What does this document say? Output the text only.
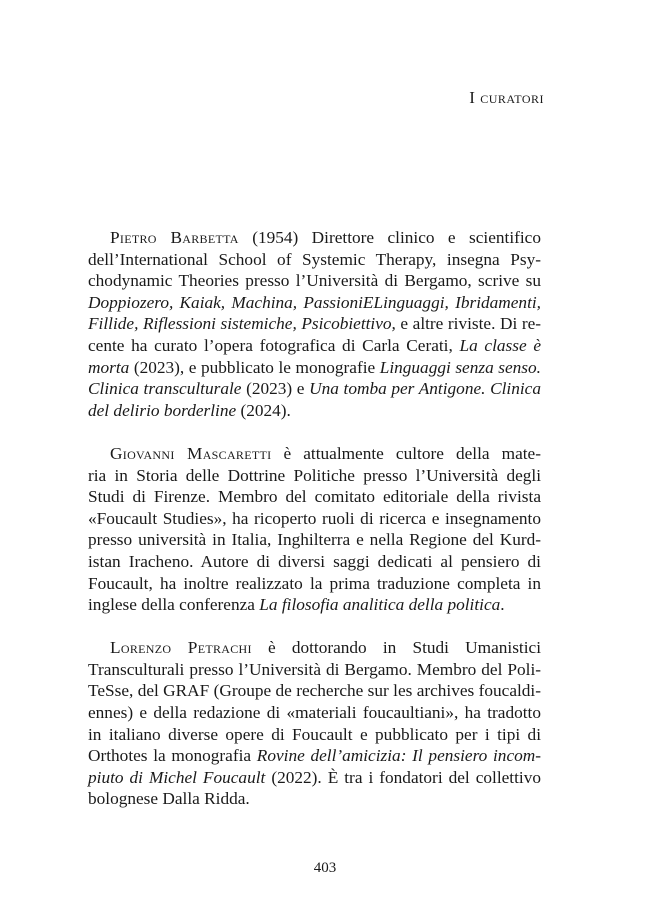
I curatori

Pietro Barbetta (1954) Direttore clinico e scientifico
dell’International School of Systemic Therapy, insegna Psy-
chodynamic Theories presso l’Università di Bergamo, scrive su
Doppiozero, Kaiak, Machina, PassioniELinguaggi, Ibridamenti,
Fillide, Riflessioni sistemiche, Psicobiettivo, e altre riviste. Di re-
cente ha curato l’opera fotografica di Carla Cerati, La classe è
morta (2023), e pubblicato le monografie Linguaggi senza senso.
Clinica transculturale (2023) e Una tomba per Antigone. Clinica
del delirio borderline (2024).

Giovanni Mascaretti è attualmente cultore della mate-
ria in Storia delle Dottrine Politiche presso l’Università degli
Studi di Firenze. Membro del comitato editoriale della rivista
«Foucault Studies», ha ricoperto ruoli di ricerca e insegnamento
presso università in Italia, Inghilterra e nella Regione del Kurd-
istan Iracheno. Autore di diversi saggi dedicati al pensiero di
Foucault, ha inoltre realizzato la prima traduzione completa in
inglese della conferenza La filosofia analitica della politica.

Lorenzo Petrachi è dottorando in Studi Umanistici
Transculturali presso l’Università di Bergamo. Membro del Poli-
TeSse, del GRAF (Groupe de recherche sur les archives foucaldi-
ennes) e della redazione di «materiali foucaultiani», ha tradotto
in italiano diverse opere di Foucault e pubblicato per i tipi di
Orthotes la monografia Rovine dell’amicizia: Il pensiero incom-
piuto di Michel Foucault (2022). È tra i fondatori del collettivo
bolognese Dalla Ridda.

403
